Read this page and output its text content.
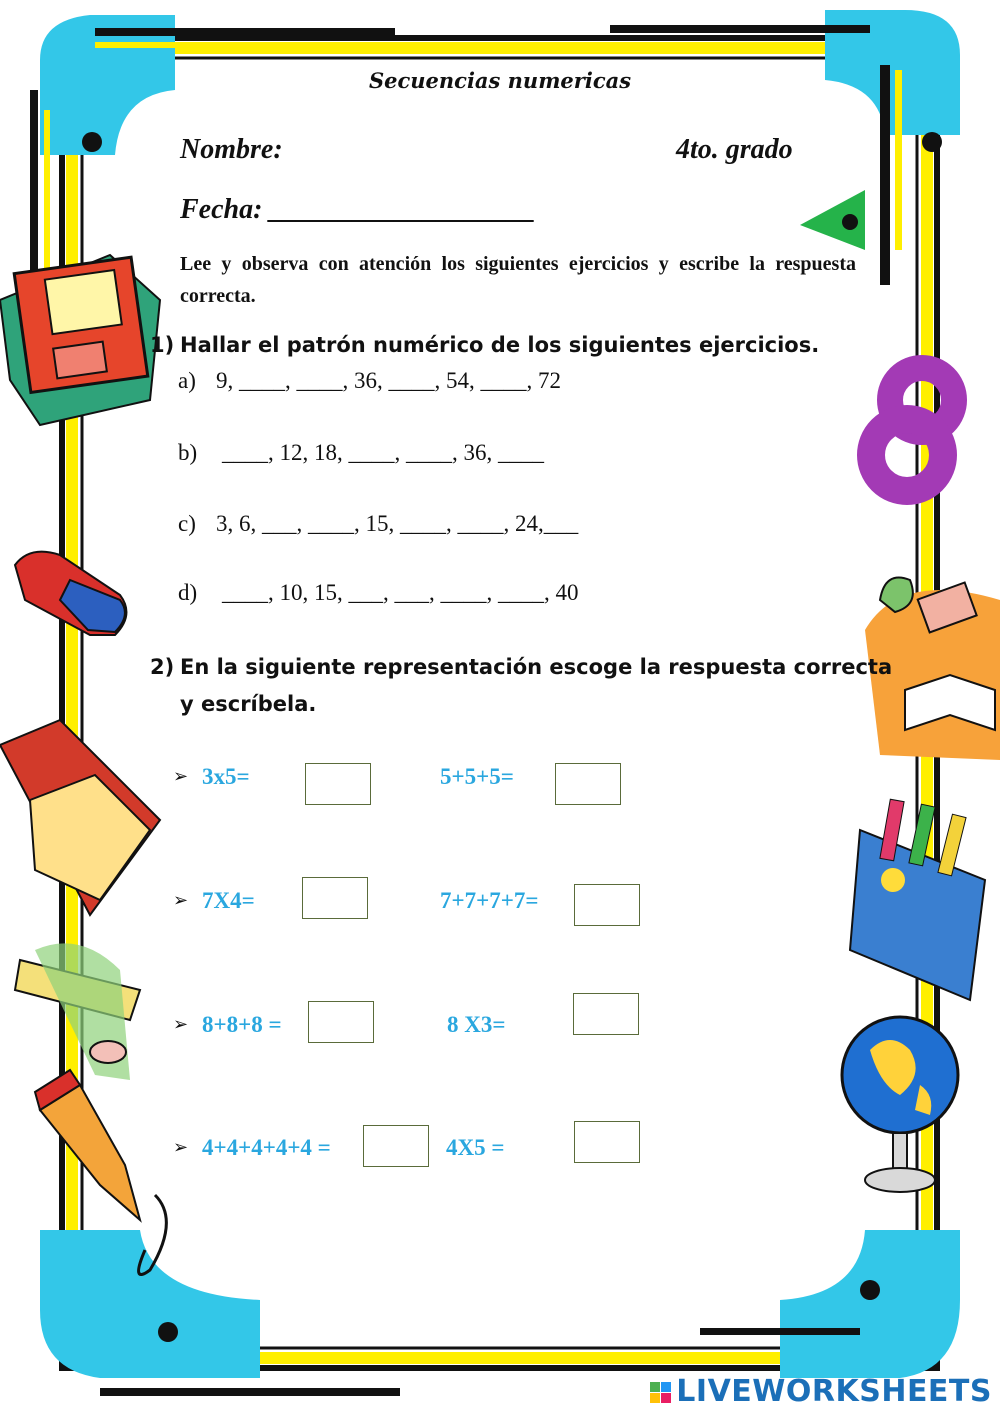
Secuencias numericas
Nombre:	4to. grado
Fecha: ___________________
Lee y observa con atención los siguientes ejercicios y escribe la respuesta correcta.
1) Hallar el patrón numérico de los siguientes ejercicios.
a) 9, ____, ____, 36, ____, 54, ____, 72
b) ____, 12, 18, ____, ____, 36, ____
c) 3, 6, ___, ____, 15, ____, ____, 24,___
d) ____, 10, 15, ___, ___, ____, ____, 40
2) En la siguiente representación escoge la respuesta correcta
y escríbela.
➢ 3x5=	5+5+5=
➢ 7X4=	7+7+7+7=
➢ 8+8+8 =	8 X3=
➢ 4+4+4+4+4 =	4X5 =
LIVEWORKSHEETS
